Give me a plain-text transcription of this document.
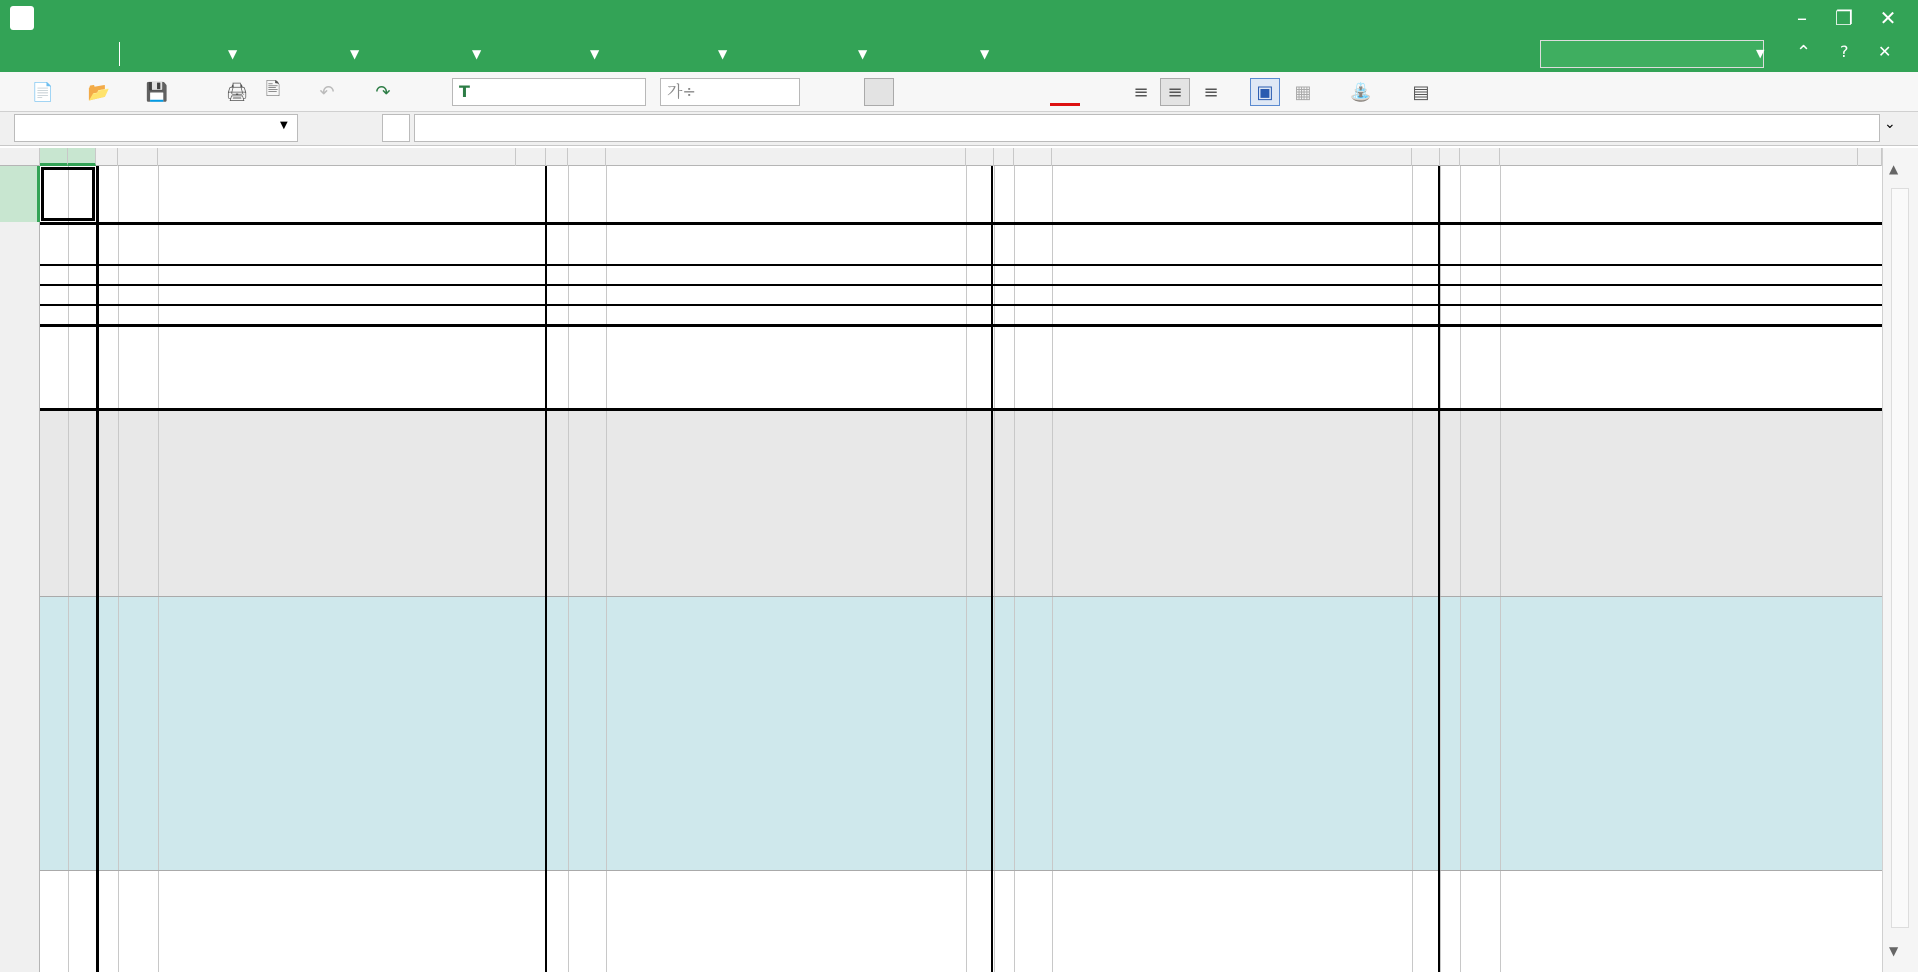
–	❐	✕
▼	▼	▼	▼	▼	▼	▼	▼ ⌃ ? ✕
📄	📂	💾	🖨 🖹	↶	↷	T	가÷	≡	≡	≡	▣	▦	⛲	▤
▼	⌄
▲
▼
